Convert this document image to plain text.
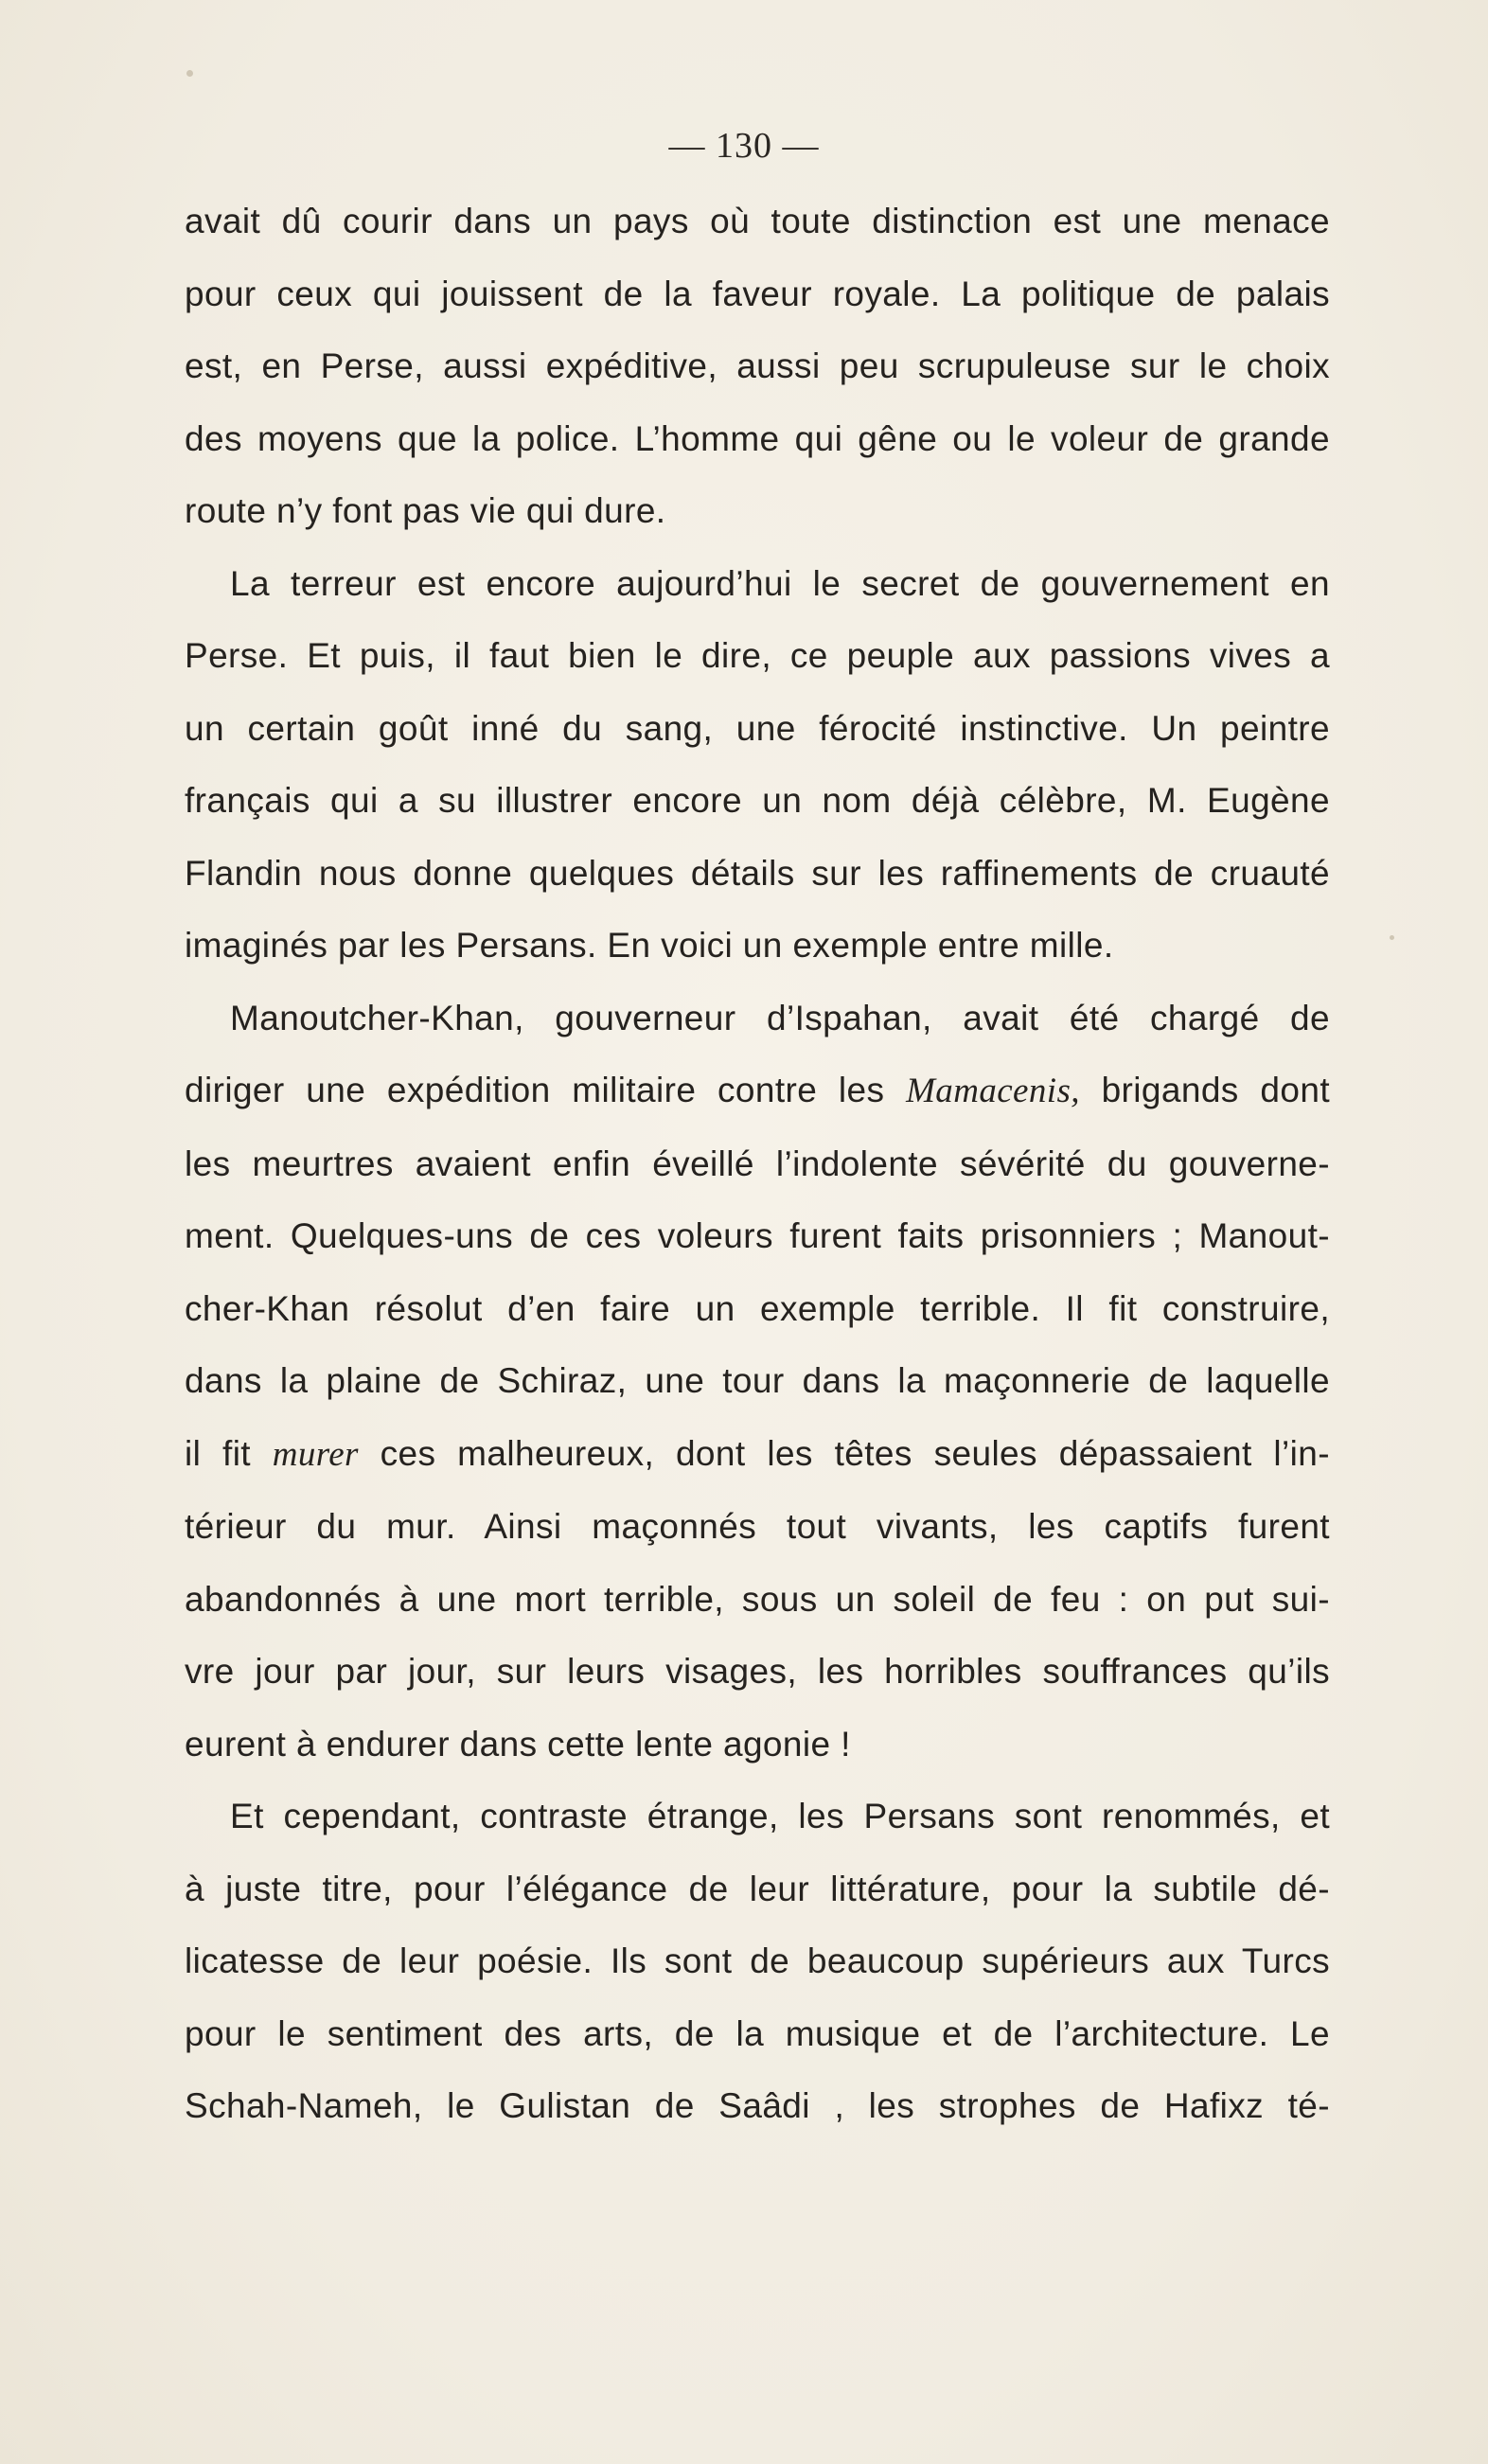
— 130 —
avait dû courir dans un pays où toute distinction est une menace
pour ceux qui jouissent de la faveur royale. La politique de palais
est, en Perse, aussi expéditive, aussi peu scrupuleuse sur le choix
des moyens que la police. L’homme qui gêne ou le voleur de grande
route n’y font pas vie qui dure.
La terreur est encore aujourd’hui le secret de gouvernement en
Perse. Et puis, il faut bien le dire, ce peuple aux passions vives a
un certain goût inné du sang, une férocité instinctive. Un peintre
français qui a su illustrer encore un nom déjà célèbre, M. Eugène
Flandin nous donne quelques détails sur les raffinements de cruauté
imaginés par les Persans. En voici un exemple entre mille.
Manoutcher-Khan, gouverneur d’Ispahan, avait été chargé de
diriger une expédition militaire contre les Mamacenis, brigands dont
les meurtres avaient enfin éveillé l’indolente sévérité du gouverne-
ment. Quelques-uns de ces voleurs furent faits prisonniers ; Manout-
cher-Khan résolut d’en faire un exemple terrible. Il fit construire,
dans la plaine de Schiraz, une tour dans la maçonnerie de laquelle
il fit murer ces malheureux, dont les têtes seules dépassaient l’in-
térieur du mur. Ainsi maçonnés tout vivants, les captifs furent
abandonnés à une mort terrible, sous un soleil de feu : on put sui-
vre jour par jour, sur leurs visages, les horribles souffrances qu’ils
eurent à endurer dans cette lente agonie !
Et cependant, contraste étrange, les Persans sont renommés, et
à juste titre, pour l’élégance de leur littérature, pour la subtile dé-
licatesse de leur poésie. Ils sont de beaucoup supérieurs aux Turcs
pour le sentiment des arts, de la musique et de l’architecture. Le
Schah-Nameh, le Gulistan de Saâdi , les strophes de Hafixz té-
